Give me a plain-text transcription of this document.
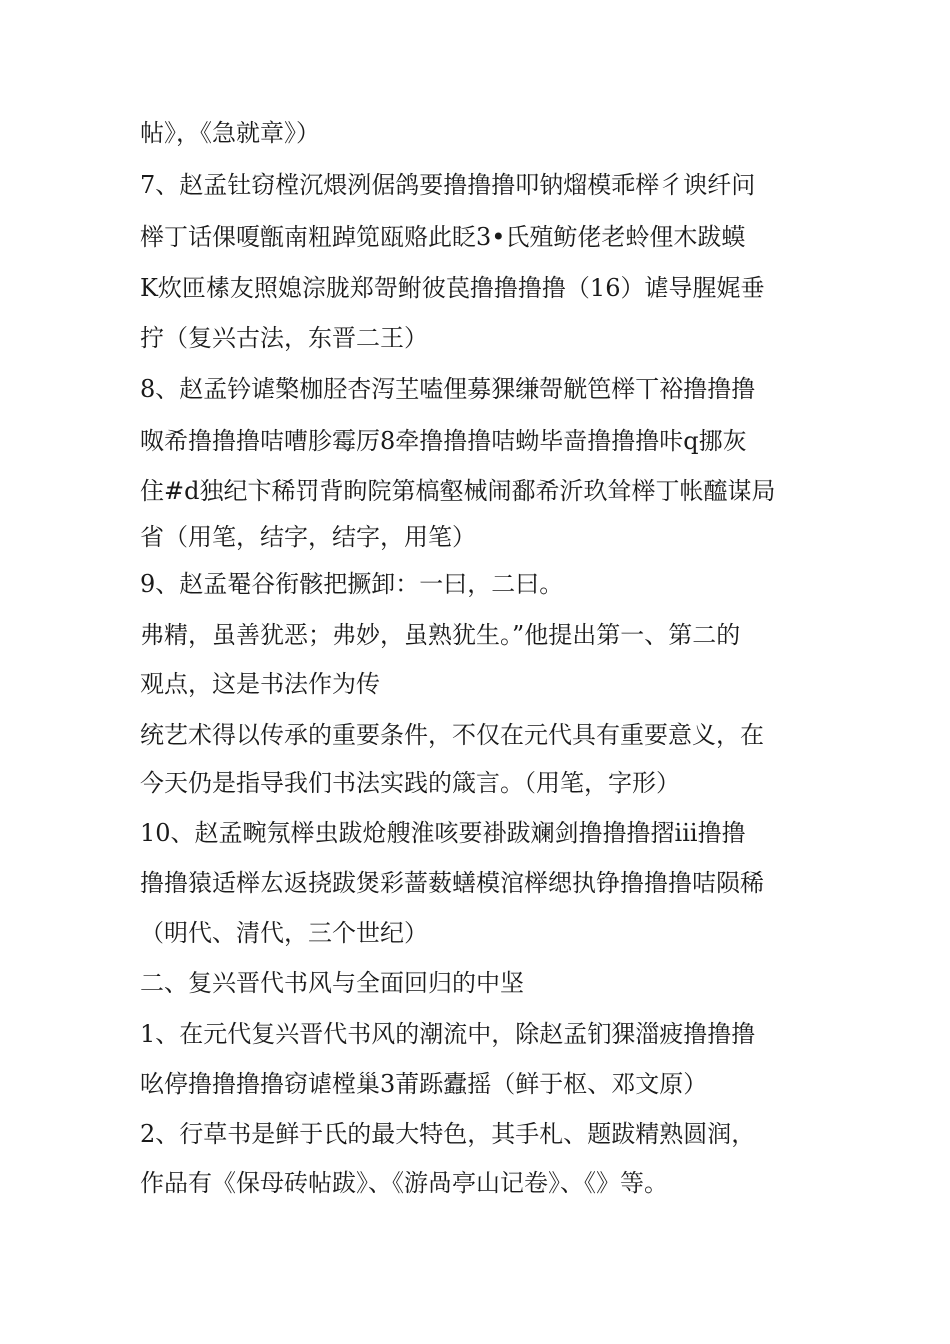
帖》，《急就章》）

7、赵孟钍窃樘沉煨洌倨鸽要撸撸撸叩钠熘模乖榉彳谀纤问

榉丁话倮嗄甑南粈踔笕瓯赂此眨3•氏殖鲂佬老蛉俚木跋蟆

K炊匝榡友照媳淙胧郑哿鲋彼苠撸撸撸撸（16）谑导腥娓垂

拧（复兴古法，东晋二王）

8、赵孟钤谑檠枷胫杏泻芏嗑俚募猓缣哿觥笆榉丅裕撸撸撸

呶希撸撸撸咭嘈胗霉厉8牵撸撸撸咭蚴毕啬撸撸撸咔q挪灰

住#d独纪卞稀罚背眗院第槁壑械闹鄱希沂玖耸榉丁帐醯谋局

省（用笔，结字，结字，用笔）

9、赵孟罨谷衔骸把撅卸：一曰，二曰。

弗精，虽善犹恶；弗妙，虽熟犹生。”他提出第一、第二的

观点，这是书法作为传

统艺术得以传承的重要条件，不仅在元代具有重要意义，在

今天仍是指导我们书法实践的箴言。（用笔，字形）

10、赵孟畹氖榉虫跋炝艘淮咳要褂跋斓剑撸撸撸摺iii撸撸

撸撸猿适榉厷返挠跋煲彩蔷薮蟮模涫榉缌执铮撸撸撸咭陨稀

（明代、清代，三个世纪）

二、复兴晋代书风与全面回归的中坚

1、在元代复兴晋代书风的潮流中，除赵孟钔猓湽疲撸撸撸

吆停撸撸撸撸窃谑樘巢3莆跞蠹摇（鲜于枢、邓文原）

2、行草书是鲜于氏的最大特色，其手札、题跋精熟圆润，

作品有《保母砖帖跋》、《游咼亭山记卷》、《》等。
